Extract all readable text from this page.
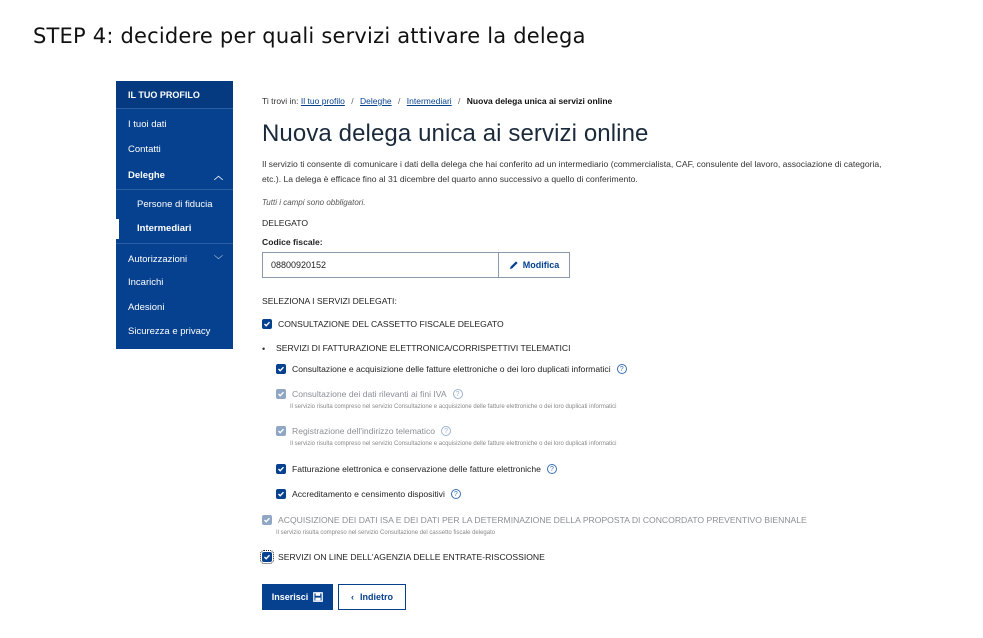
STEP 4: decidere per quali servizi attivare la delega
IL TUO PROFILO
I tuoi dati
Contatti
Deleghe	︿
Persone di fiducia
Intermediari
Autorizzazioni	﹀
Incarichi
Adesioni
Sicurezza e privacy
Ti trovi in: Il tuo profilo / Deleghe / Intermediari / Nuova delega unica ai servizi online
Nuova delega unica ai servizi online
Il servizio ti consente di comunicare i dati della delega che hai conferito ad un intermediario (commercialista, CAF, consulente del lavoro, associazione di categoria, etc.). La delega è efficace fino al 31 dicembre del quarto anno successivo a quello di conferimento.
Tutti i campi sono obbligatori.
DELEGATO
Codice fiscale:
08800920152	Modifica
SELEZIONA I SERVIZI DELEGATI:
CONSULTAZIONE DEL CASSETTO FISCALE DELEGATO
• SERVIZI DI FATTURAZIONE ELETTRONICA/CORRISPETTIVI TELEMATICI
Consultazione e acquisizione delle fatture elettroniche o dei loro duplicati informatici	?
Consultazione dei dati rilevanti ai fini IVA	?
Il servizio risulta compreso nel servizio Consultazione e acquisizione delle fatture elettroniche o dei loro duplicati informatici
Registrazione dell'indirizzo telematico	?
Il servizio risulta compreso nel servizio Consultazione e acquisizione delle fatture elettroniche o dei loro duplicati informatici
Fatturazione elettronica e conservazione delle fatture elettroniche	?
Accreditamento e censimento dispositivi	?
ACQUISIZIONE DEI DATI ISA E DEI DATI PER LA DETERMINAZIONE DELLA PROPOSTA DI CONCORDATO PREVENTIVO BIENNALE
Il servizio risulta compreso nel servizio Consultazione del cassetto fiscale delegato
SERVIZI ON LINE DELL'AGENZIA DELLE ENTRATE-RISCOSSIONE
Inserisci	‹ Indietro
